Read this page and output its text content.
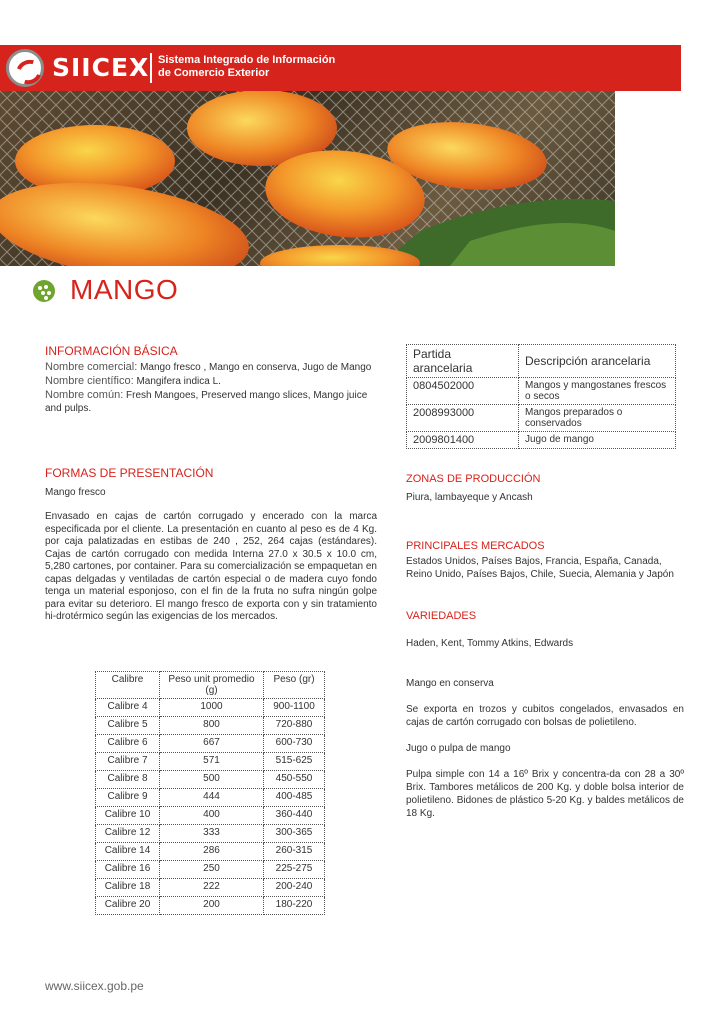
SIICEX Sistema Integrado de Información
de Comercio Exterior
MANGO
INFORMACIÓN BÁSICA
Nombre comercial: Mango fresco , Mango en conserva, Jugo de Mango
Nombre científico: Mangifera indica L.
Nombre común: Fresh Mangoes, Preserved mango slices, Mango juice and pulps.
Partida arancelaria	Descripción arancelaria
0804502000	Mangos y mangostanes frescos o secos
2008993000	Mangos preparados o conservados
2009801400	Jugo de mango
FORMAS DE PRESENTACIÓN
Mango fresco
Envasado en cajas de cartón corrugado y encerado con la marca especificada por el cliente. La presentación en cuanto al peso es de 4 Kg. por caja palatizadas en estibas de 240 , 252, 264 cajas (estándares). Cajas de cartón corrugado con medida Interna 27.0 x 30.5 x 10.0 cm, 5,280 cartones, por container. Para su comercialización se empaquetan en capas delgadas y ventiladas de cartón especial o de madera cuyo fondo tenga un material esponjoso, con el fin de la fruta no sufra ningún golpe para evitar su deterioro. El mango fresco de exporta con y sin tratamiento hi-drotérmico según las exigencias de los mercados.
Calibre	Peso unit promedio (g)	Peso (gr)
Calibre 4	1000	900-1100
Calibre 5	800	720-880
Calibre 6	667	600-730
Calibre 7	571	515-625
Calibre 8	500	450-550
Calibre 9	444	400-485
Calibre 10	400	360-440
Calibre 12	333	300-365
Calibre 14	286	260-315
Calibre 16	250	225-275
Calibre 18	222	200-240
Calibre 20	200	180-220
ZONAS DE PRODUCCIÓN
Piura, lambayeque y Ancash
PRINCIPALES MERCADOS
Estados Unidos, Países Bajos, Francia, España, Canada, Reino Unido, Países Bajos, Chile, Suecia, Alemania y Japón
VARIEDADES
Haden, Kent, Tommy Atkins, Edwards
Mango en conserva
Se exporta en trozos y cubitos congelados, envasados en cajas de cartón corrugado con bolsas de polietileno.
Jugo o pulpa de mango
Pulpa simple con 14 a 16º Brix y concentra-da con 28 a 30º Brix. Tambores metálicos de 200 Kg. y doble bolsa interior de polietileno. Bidones de plástico 5-20 Kg. y baldes metálicos de 18 Kg.
www.siicex.gob.pe
